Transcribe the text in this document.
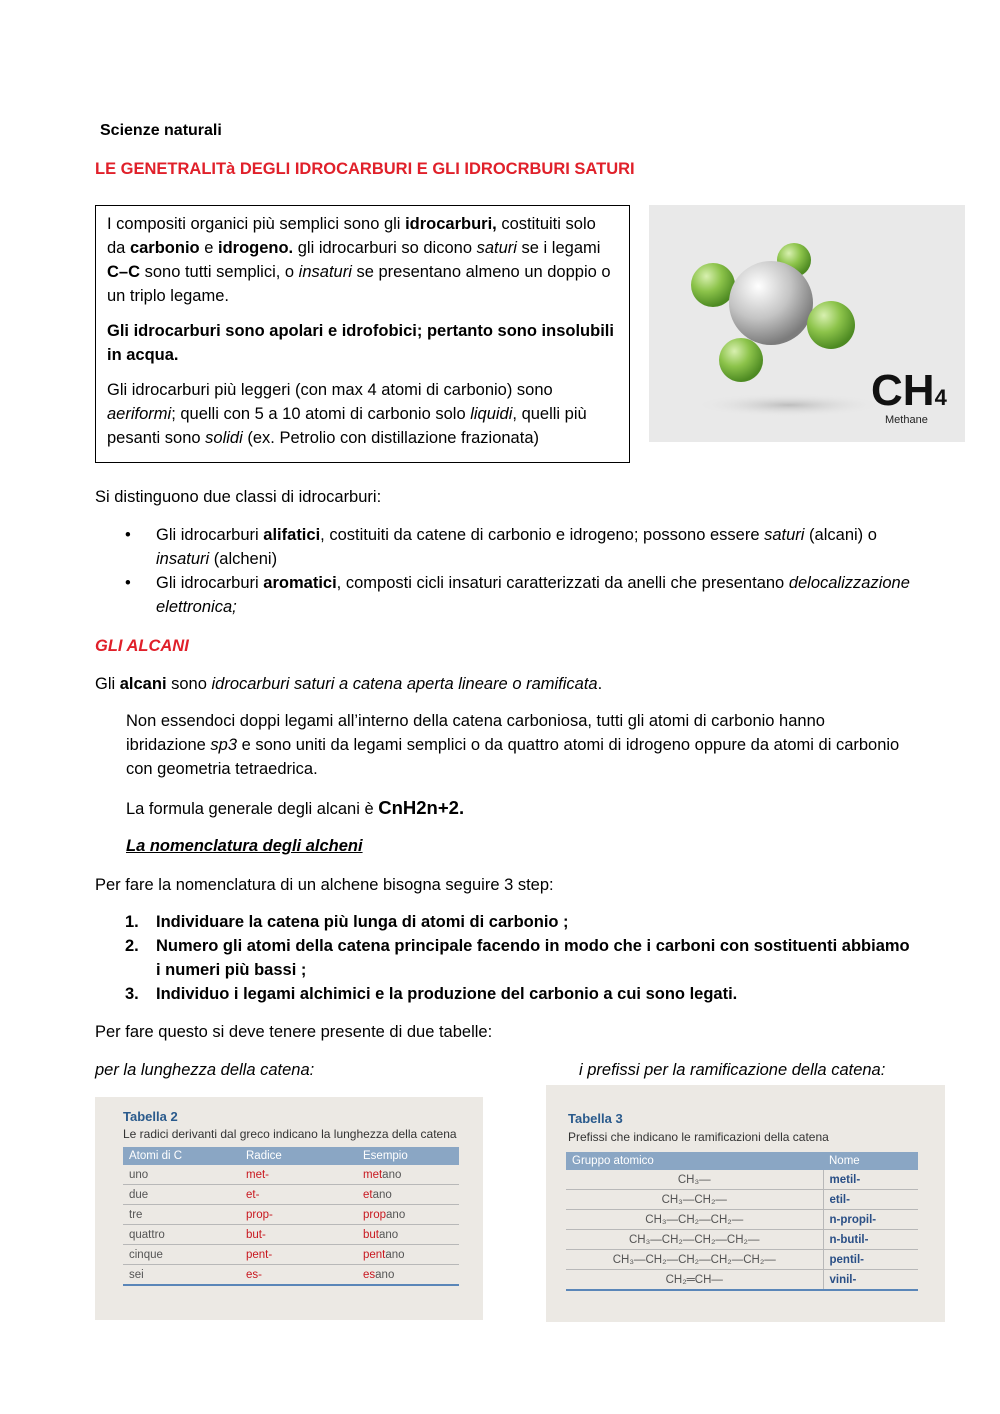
Scienze naturali
LE GENETRALITà DEGLI IDROCARBURI E GLI IDROCRBURI SATURI

I compositi organici più semplici sono gli idrocarburi, costituiti solo da carbonio e idrogeno. gli idrocarburi so dicono saturi se i legami C–C sono tutti semplici, o insaturi se presentano almeno un doppio o un triplo legame.

Gli idrocarburi sono apolari e idrofobici; pertanto sono insolubili in acqua.

Gli idrocarburi più leggeri (con max 4 atomi di carbonio) sono aeriformi; quelli con 5 a 10 atomi di carbonio solo liquidi, quelli più pesanti sono solidi (ex. Petrolio con distillazione frazionata)

CH4
Methane
Si distinguono due classi di idrocarburi:
• Gli idrocarburi alifatici, costituiti da catene di carbonio e idrogeno; possono essere saturi (alcani) o insaturi (alcheni)
• Gli idrocarburi aromatici, composti cicli insaturi caratterizzati da anelli che presentano delocalizzazione elettronica;
GLI ALCANI
Gli alcani sono idrocarburi saturi a catena aperta lineare o ramificata.
Non essendoci doppi legami all’interno della catena carboniosa, tutti gli atomi di carbonio hanno ibridazione sp3 e sono uniti da legami semplici o da quattro atomi di idrogeno oppure da atomi di carbonio con geometria tetraedrica.
La formula generale degli alcani è CnH2n+2.
La nomenclatura degli alcheni
Per fare la nomenclatura di un alchene bisogna seguire 3 step:
1. Individuare la catena più lunga di atomi di carbonio ;
2. Numero gli atomi della catena principale facendo in modo che i carboni con sostituenti abbiamo i numeri più bassi ;
3. Individuo i legami alchimici e la produzione del carbonio a cui sono legati.
Per fare questo si deve tenere presente di due tabelle:
per la lunghezza della catena:	i prefissi per la ramificazione della catena:
Tabella 2
Le radici derivanti dal greco indicano la lunghezza della catena
Atomi di C	Radice	Esempio
uno	met-	metano
due	et-	etano
tre	prop-	propano
quattro	but-	butano
cinque	pent-	pentano
sei	es-	esano
Tabella 3
Prefissi che indicano le ramificazioni della catena
Gruppo atomico	Nome
CH₃—	metil-
CH₃—CH₂—	etil-
CH₃—CH₂—CH₂—	n-propil-
CH₃—CH₂—CH₂—CH₂—	n-butil-
CH₃—CH₂—CH₂—CH₂—CH₂—	pentil-
CH₂═CH—	vinil-
